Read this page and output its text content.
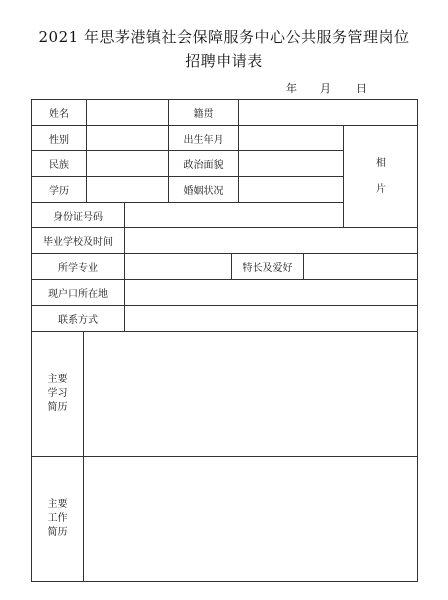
2021 年思茅港镇社会保障服务中心公共服务管理岗位
招聘申请表
年 月 日
姓名	籍贯
性别	出生年月
民族	政治面貌
学历	婚姻状况
相
片
身份证号码
毕业学校及时间
所学专业	特长及爱好
现户口所在地
联系方式
主要
学习
简历
主要
工作
简历
